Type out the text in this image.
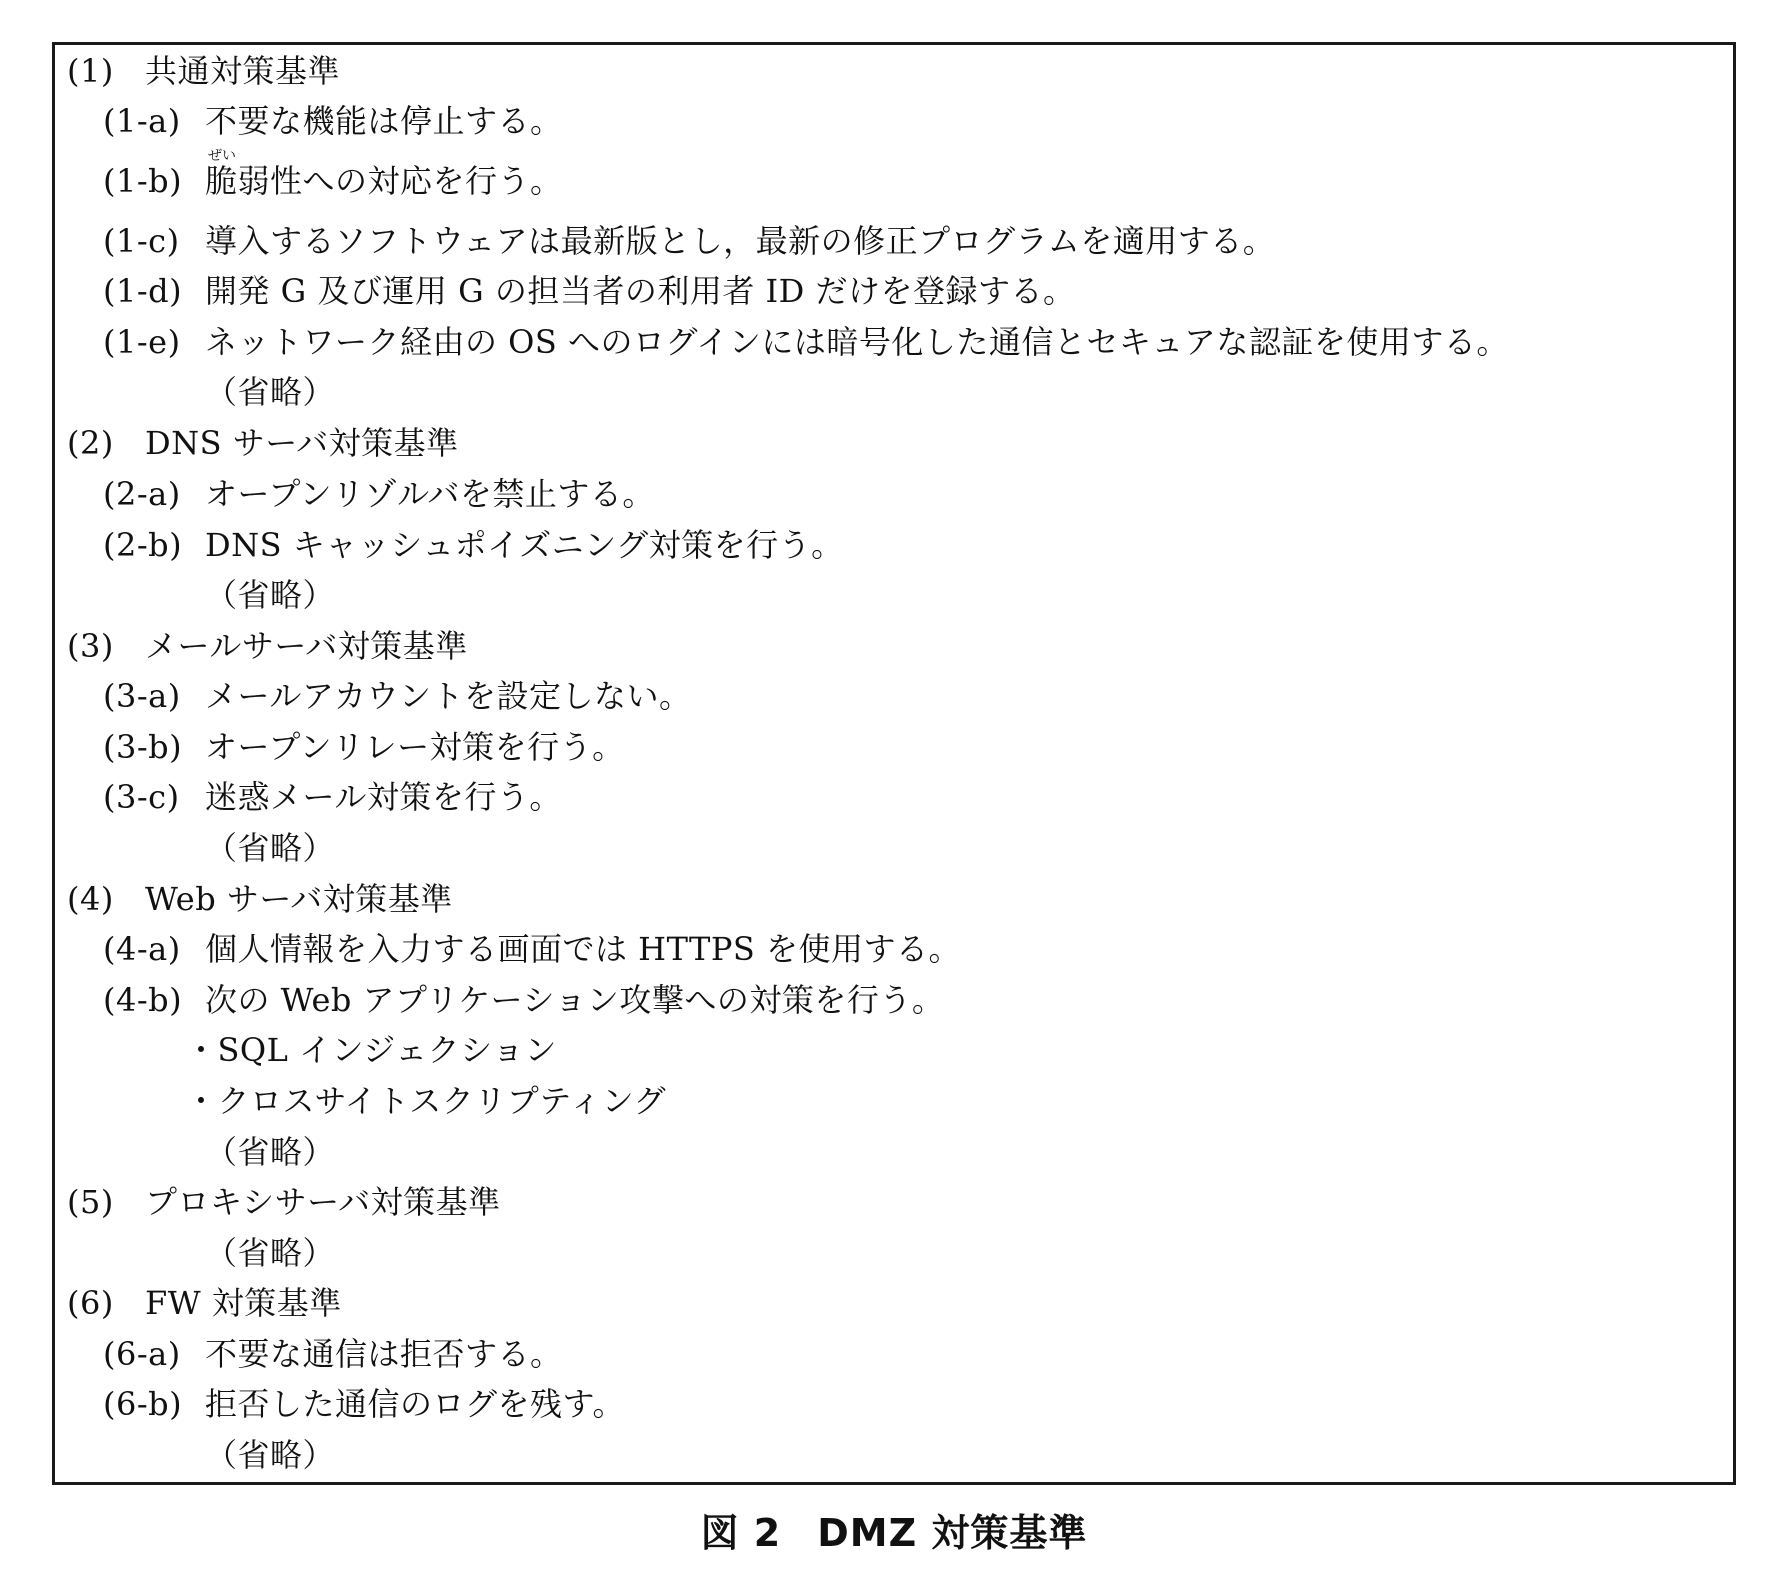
(1) 共通対策基準
(1-a) 不要な機能は停止する。
ぜい
(1-b) 脆弱性への対応を行う。
(1-c) 導入するソフトウェアは最新版とし，最新の修正プログラムを適用する。
(1-d) 開発 G 及び運用 G の担当者の利用者 ID だけを登録する。
(1-e) ネットワーク経由の OS へのログインには暗号化した通信とセキュアな認証を使用する。
（省略）
(2) DNS サーバ対策基準
(2-a) オープンリゾルバを禁止する。
(2-b) DNS キャッシュポイズニング対策を行う。
（省略）
(3) メールサーバ対策基準
(3-a) メールアカウントを設定しない。
(3-b) オープンリレー対策を行う。
(3-c) 迷惑メール対策を行う。
（省略）
(4) Web サーバ対策基準
(4-a) 個人情報を入力する画面では HTTPS を使用する。
(4-b) 次の Web アプリケーション攻撃への対策を行う。
・SQL インジェクション
・クロスサイトスクリプティング
（省略）
(5) プロキシサーバ対策基準
（省略）
(6) FW 対策基準
(6-a) 不要な通信は拒否する。
(6-b) 拒否した通信のログを残す。
（省略）
図 2 DMZ 対策基準
